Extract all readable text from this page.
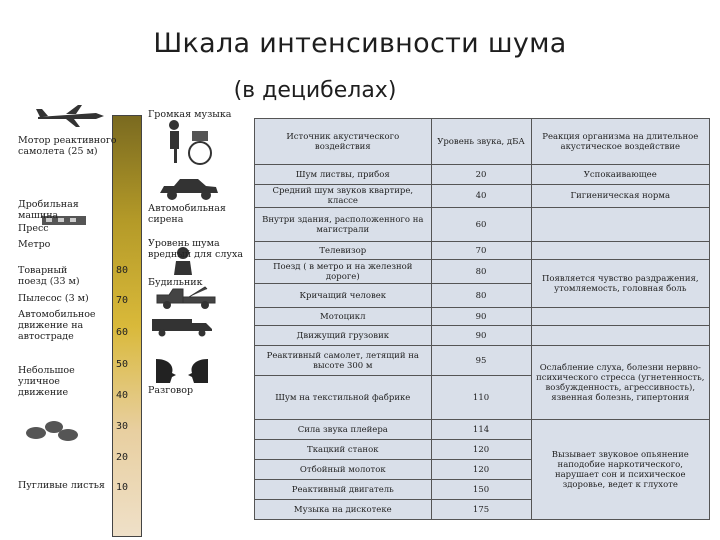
Шкала интенсивности шума
(в децибелах)
80
70
60
50
40
30
20
10
Громкая музыка
Автомобильная сирена
Уровень шума вредный для слуха
Будильник
Разговор
Мотор реактивного самолета (25 м)
Дробильная машина
Пресс
Метро
Товарный поезд (33 м)
Пылесос (3 м)
Автомобильное движение на автостраде
Небольшое уличное движение
Пугливые листья
Источник акустического воздействия	Уровень звука, дБА	Реакция организма на длительное акустическое воздействие
Шум листвы, прибоя	20	Успокаивающее
Средний шум звуков квартире, классе	40	Гигиеническая норма
Внутри здания, расположенного на магистрали	60	
Телевизор	70	
Поезд ( в метро и на железной дороге)	80	Появляется чувство раздражения, утомляемость, головная боль
Кричащий человек	80	
Мотоцикл	90	
Движущий грузовик	90	
Реактивный самолет, летящий на высоте 300 м	95	Ослабление слуха, болезни нервно-психического стресса (угнетенность, возбужденность, агрессивность), язвенная болезнь, гипертония
Шум на текстильной фабрике	110	
Сила звука плейера	114	Вызывает звуковое опьянение наподобие наркотического, нарушает сон и психическое здоровье, ведет к глухоте
Ткацкий станок	120	
Отбойный молоток	120	
Реактивный двигатель	150	
Музыка на дискотеке	175	
